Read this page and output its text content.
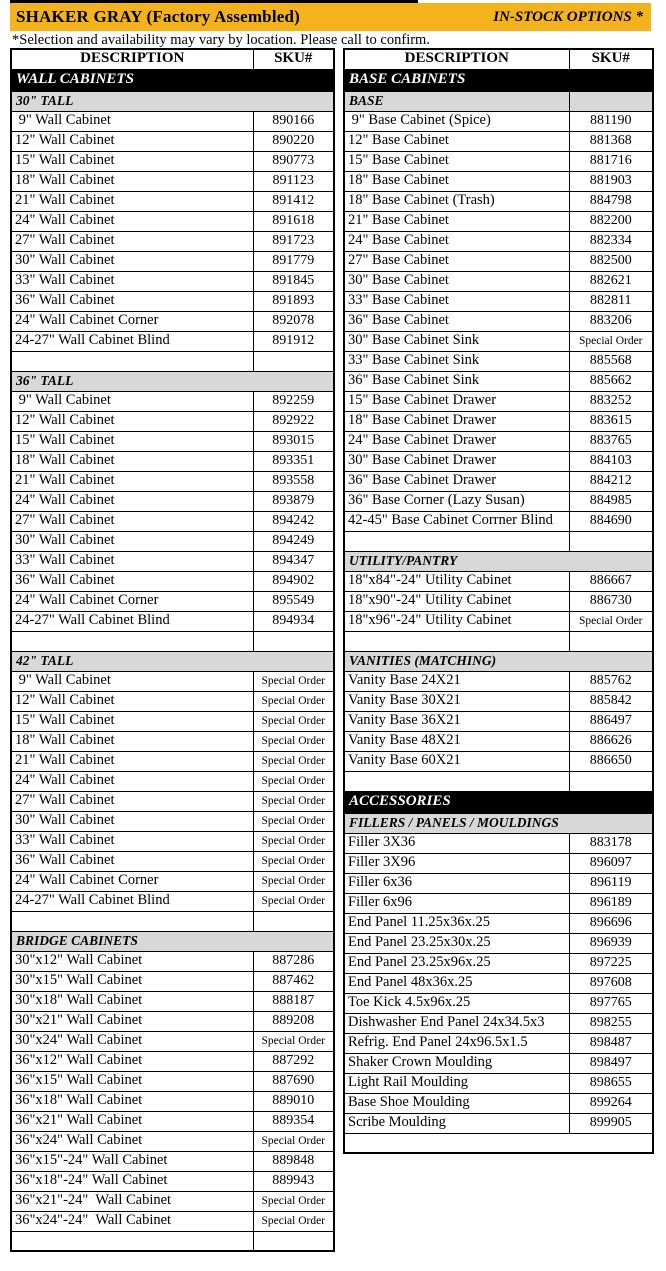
SHAKER GRAY (Factory Assembled)	IN-STOCK OPTIONS *
*Selection and availability may vary by location. Please call to confirm.
DESCRIPTION	SKU#
WALL CABINETS	
30" TALL	
9" Wall Cabinet	890166
12" Wall Cabinet	890220
15" Wall Cabinet	890773
18" Wall Cabinet	891123
21" Wall Cabinet	891412
24" Wall Cabinet	891618
27" Wall Cabinet	891723
30" Wall Cabinet	891779
33" Wall Cabinet	891845
36" Wall Cabinet	891893
24" Wall Cabinet Corner	892078
24-27" Wall Cabinet Blind	891912

36" TALL	
9" Wall Cabinet	892259
12" Wall Cabinet	892922
15" Wall Cabinet	893015
18" Wall Cabinet	893351
21" Wall Cabinet	893558
24" Wall Cabinet	893879
27" Wall Cabinet	894242
30" Wall Cabinet	894249
33" Wall Cabinet	894347
36" Wall Cabinet	894902
24" Wall Cabinet Corner	895549
24-27" Wall Cabinet Blind	894934

42" TALL	
9" Wall Cabinet	Special Order
12" Wall Cabinet	Special Order
15" Wall Cabinet	Special Order
18" Wall Cabinet	Special Order
21" Wall Cabinet	Special Order
24" Wall Cabinet	Special Order
27" Wall Cabinet	Special Order
30" Wall Cabinet	Special Order
33" Wall Cabinet	Special Order
36" Wall Cabinet	Special Order
24" Wall Cabinet Corner	Special Order
24-27" Wall Cabinet Blind	Special Order

BRIDGE CABINETS	
30"x12" Wall Cabinet	887286
30"x15" Wall Cabinet	887462
30"x18" Wall Cabinet	888187
30"x21" Wall Cabinet	889208
30"x24" Wall Cabinet	Special Order
36"x12" Wall Cabinet	887292
36"x15" Wall Cabinet	887690
36"x18" Wall Cabinet	889010
36"x21" Wall Cabinet	889354
36"x24" Wall Cabinet	Special Order
36"x15"-24" Wall Cabinet	889848
36"x18"-24" Wall Cabinet	889943
36"x21"-24"  Wall Cabinet	Special Order
36"x24"-24"  Wall Cabinet	Special Order

DESCRIPTION	SKU#
BASE CABINETS	
BASE	
9" Base Cabinet (Spice)	881190
12" Base Cabinet	881368
15" Base Cabinet	881716
18" Base Cabinet	881903
18" Base Cabinet (Trash)	884798
21" Base Cabinet	882200
24" Base Cabinet	882334
27" Base Cabinet	882500
30" Base Cabinet	882621
33" Base Cabinet	882811
36" Base Cabinet	883206
30" Base Cabinet Sink	Special Order
33" Base Cabinet Sink	885568
36" Base Cabinet Sink	885662
15" Base Cabinet Drawer	883252
18" Base Cabinet Drawer	883615
24" Base Cabinet Drawer	883765
30" Base Cabinet Drawer	884103
36" Base Cabinet Drawer	884212
36" Base Corner (Lazy Susan)	884985
42-45" Base Cabinet Corrner Blind	884690

UTILITY/PANTRY	
18"x84"-24" Utility Cabinet	886667
18"x90"-24" Utility Cabinet	886730
18"x96"-24" Utility Cabinet	Special Order

VANITIES (MATCHING)	
Vanity Base 24X21	885762
Vanity Base 30X21	885842
Vanity Base 36X21	886497
Vanity Base 48X21	886626
Vanity Base 60X21	886650

ACCESSORIES	
FILLERS / PANELS / MOULDINGS	
Filler 3X36	883178
Filler 3X96	896097
Filler 6x36	896119
Filler 6x96	896189
End Panel 11.25x36x.25	896696
End Panel 23.25x30x.25	896939
End Panel 23.25x96x.25	897225
End Panel 48x36x.25	897608
Toe Kick 4.5x96x.25	897765
Dishwasher End Panel 24x34.5x3	898255
Refrig. End Panel 24x96.5x1.5	898487
Shaker Crown Moulding	898497
Light Rail Moulding	898655
Base Shoe Moulding	899264
Scribe Moulding	899905
